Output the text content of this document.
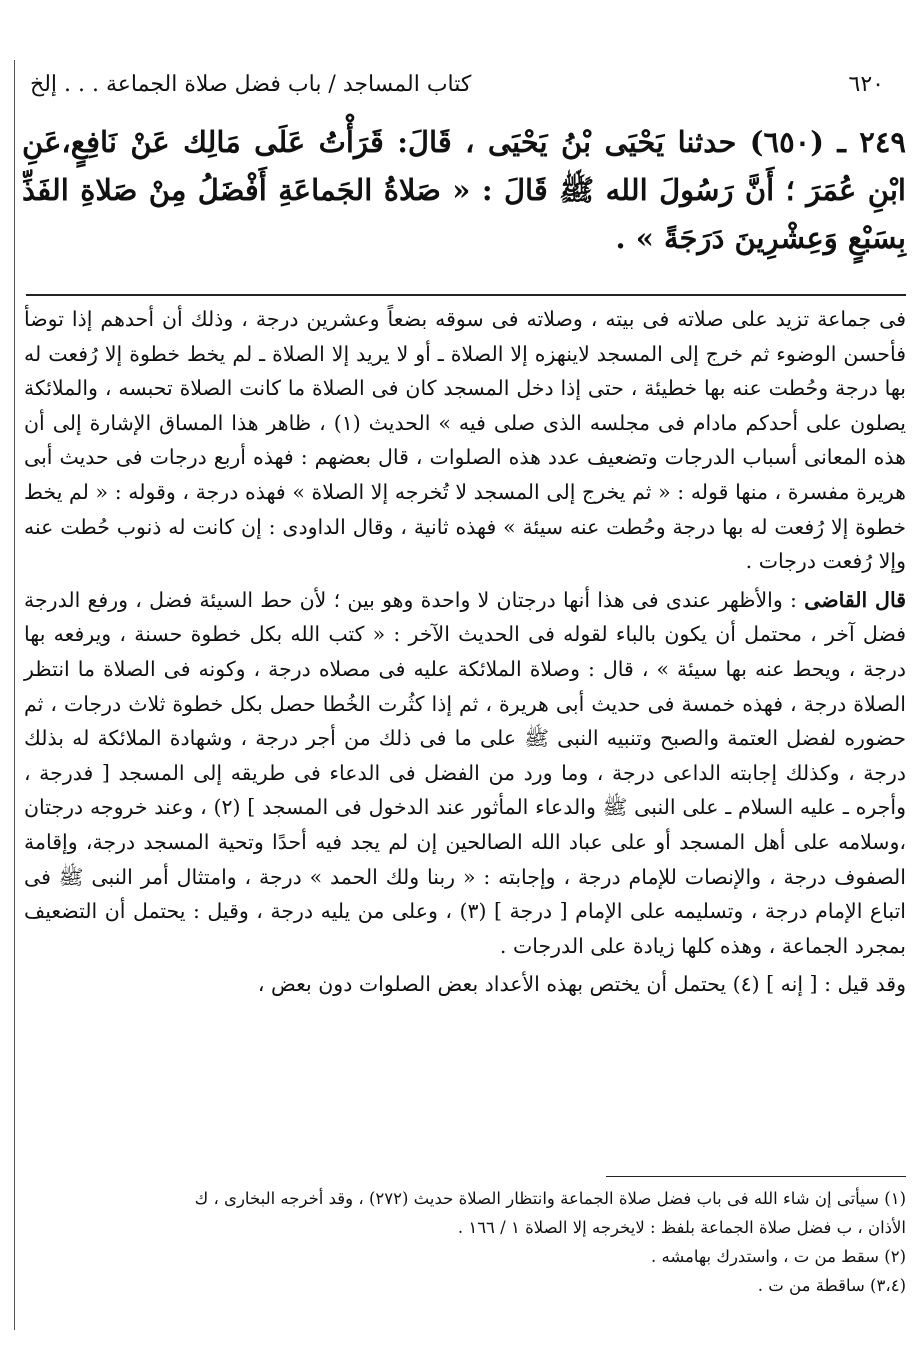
٦٢٠
كتاب المساجد / باب فضل صلاة الجماعة . . . إلخ
٢٤٩ ـ (٦٥٠) حدثنا يَحْيَى بْنُ يَحْيَى ، قَالَ: قَرَأْتُ عَلَى مَالِك عَنْ نَافِعٍ،عَنِ ابْنِ عُمَرَ ؛ أَنَّ رَسُولَ الله ﷺ قَالَ : « صَلاةُ الجَماعَةِ أَفْضَلُ مِنْ صَلاةِ الفَذِّ بِسَبْعٍ وَعِشْرِينَ دَرَجَةً » .

فى جماعة تزيد على صلاته فى بيته ، وصلاته فى سوقه بضعاً وعشرين درجة ، وذلك أن أحدهم إذا توضأ فأحسن الوضوء ثم خرج إلى المسجد لاينهزه إلا الصلاة ـ أو لا يريد إلا الصلاة ـ لم يخط خطوة إلا رُفعت له بها درجة وحُطت عنه بها خطيئة ، حتى إذا دخل المسجد كان فى الصلاة ما كانت الصلاة تحبسه ، والملائكة يصلون على أحدكم مادام فى مجلسه الذى صلى فيه » الحديث (١) ، ظاهر هذا المساق الإشارة إلى أن هذه المعانى أسباب الدرجات وتضعيف عدد هذه الصلوات ، قال بعضهم : فهذه أربع درجات فى حديث أبى هريرة مفسرة ، منها قوله : « ثم يخرج إلى المسجد لا تُخرجه إلا الصلاة » فهذه درجة ، وقوله : « لم يخط خطوة إلا رُفعت له بها درجة وحُطت عنه سيئة » فهذه ثانية ، وقال الداودى : إن كانت له ذنوب حُطت عنه وإلا رُفعت درجات .

قال القاضى : والأظهر عندى فى هذا أنها درجتان لا واحدة وهو بين ؛ لأن حط السيئة فضل ، ورفع الدرجة فضل آخر ، محتمل أن يكون بالباء لقوله فى الحديث الآخر : « كتب الله بكل خطوة حسنة ، ويرفعه بها درجة ، ويحط عنه بها سيئة » ، قال : وصلاة الملائكة عليه فى مصلاه درجة ، وكونه فى الصلاة ما انتظر الصلاة درجة ، فهذه خمسة فى حديث أبى هريرة ، ثم إذا كثُرت الخُطا حصل بكل خطوة ثلاث درجات ، ثم حضوره لفضل العتمة والصبح وتنبيه النبى ﷺ على ما فى ذلك من أجر درجة ، وشهادة الملائكة له بذلك درجة ، وكذلك إجابته الداعى درجة ، وما ورد من الفضل فى الدعاء فى طريقه إلى المسجد [ فدرجة ، وأجره ـ عليه السلام ـ على النبى ﷺ والدعاء المأثور عند الدخول فى المسجد ] (٢) ، وعند خروجه درجتان ،وسلامه على أهل المسجد أو على عباد الله الصالحين إن لم يجد فيه أحدًا وتحية المسجد درجة، وإقامة الصفوف درجة ، والإنصات للإمام درجة ، وإجابته : « ربنا ولك الحمد » درجة ، وامتثال أمر النبى ﷺ فى اتباع الإمام درجة ، وتسليمه على الإمام [ درجة ] (٣) ، وعلى من يليه درجة ، وقيل : يحتمل أن التضعيف بمجرد الجماعة ، وهذه كلها زيادة على الدرجات .

وقد قيل : [ إنه ] (٤) يحتمل أن يختص بهذه الأعداد بعض الصلوات دون بعض ،

(١) سيأتى إن شاء الله فى باب فضل صلاة الجماعة وانتظار الصلاة حديث (٢٧٢) ، وقد أخرجه البخارى ، ك

الأذان ، ب فضل صلاة الجماعة بلفظ : لايخرجه إلا الصلاة ١ / ١٦٦ .

(٢) سقط من ت ، واستدرك بهامشه .

(٣،٤) ساقطة من ت .
